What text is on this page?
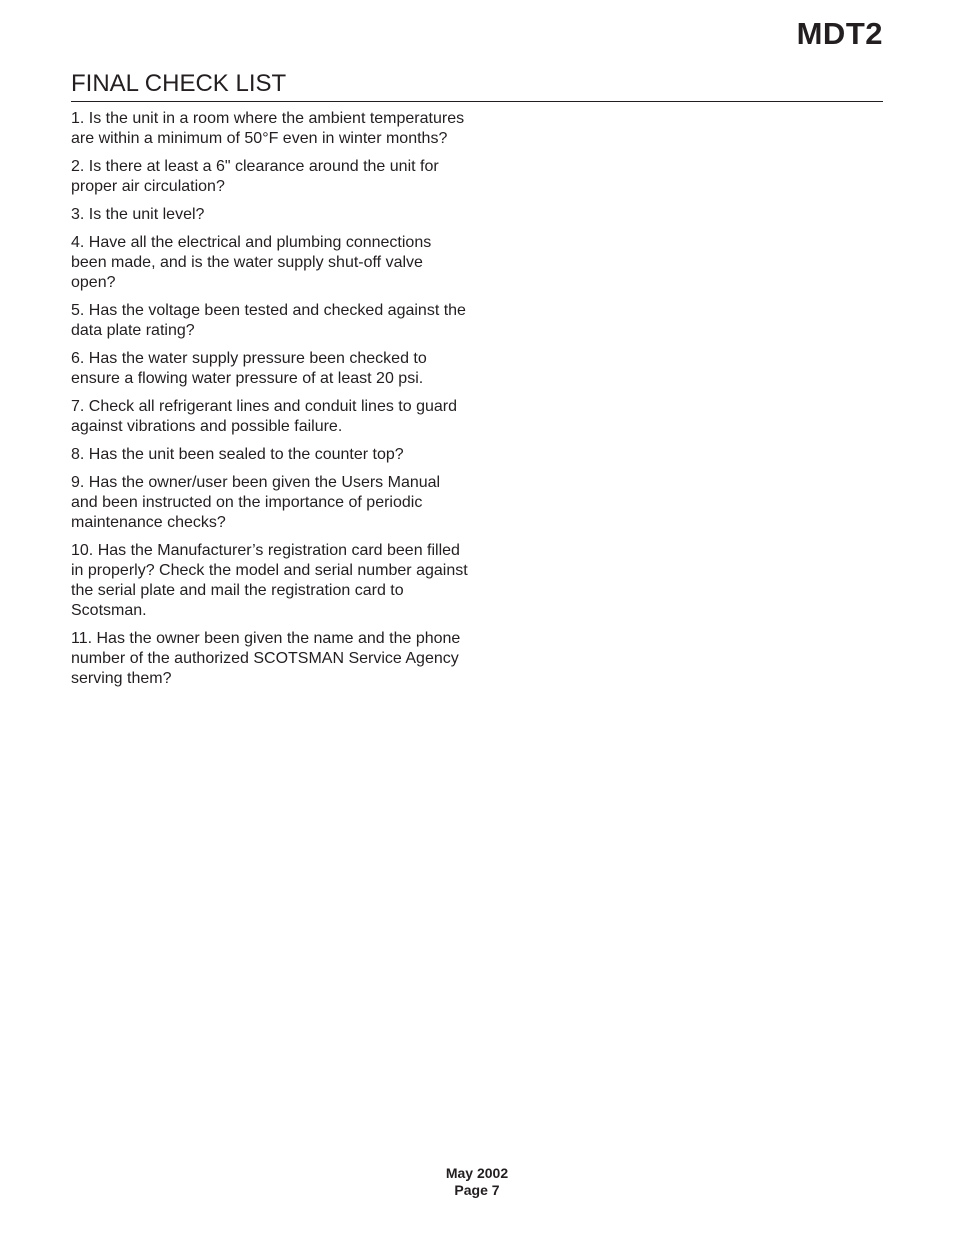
MDT2
FINAL CHECK LIST
1. Is the unit in a room where the ambient temperatures are within a minimum of 50°F even in winter months?
2. Is there at least a 6" clearance around the unit for proper air circulation?
3. Is the unit level?
4. Have all the electrical and plumbing connections been made, and is the water supply shut-off valve open?
5. Has the voltage been tested and checked against the data plate rating?
6. Has the water supply pressure been checked to ensure a flowing water pressure of at least 20 psi.
7. Check all refrigerant lines and conduit lines to guard against vibrations and possible failure.
8. Has the unit been sealed to the counter top?
9. Has the owner/user been given the Users Manual and been instructed on the importance of periodic maintenance checks?
10. Has the Manufacturer’s registration card been filled in properly? Check the model and serial number against the serial plate and mail the registration card to Scotsman.
11. Has the owner been given the name and the phone number of the authorized SCOTSMAN Service Agency serving them?
May 2002
Page 7
